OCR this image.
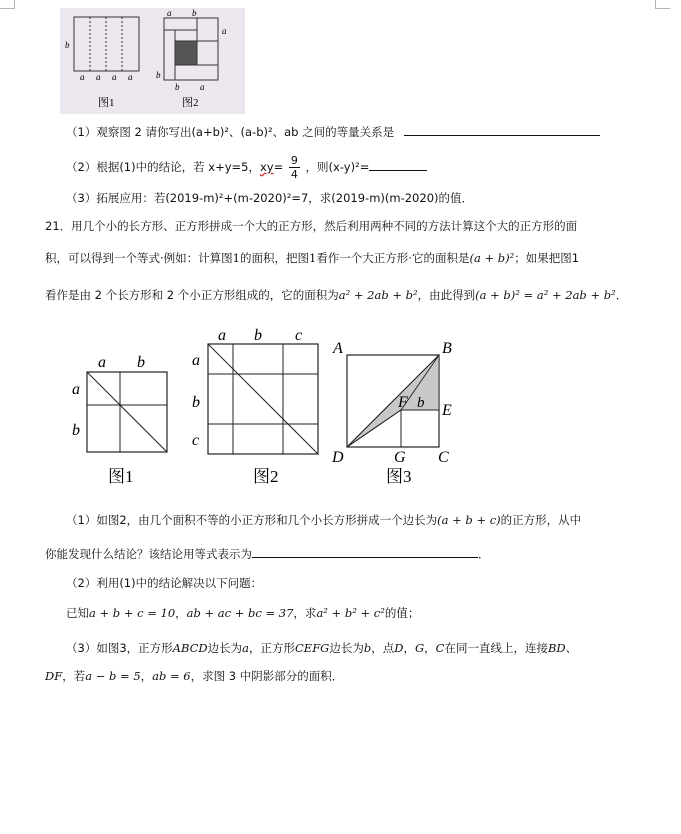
b
a a a a
图1
a b
b
a
b a
图2
（1）观察图 2 请你写出(a+b)²、(a-b)²、ab 之间的等量关系是
（2）根据(1)中的结论，若 x+y=5，$xy= \frac{9}{4}$ ，则(x-y)²=
（3）拓展应用：若(2019-m)²+(m-2020)²=7，求(2019-m)(m-2020)的值．
21．用几个小的长方形、正方形拼成一个大的正方形，然后利用两种不同的方法计算这个大的正方形的面
积，可以得到一个等式·例如：计算图1的面积，把图1看作一个大正方形·它的面积是(a + b)²；如果把图1
看作是由 2 个长方形和 2 个小正方形组成的，它的面积为a² + 2ab + b²，由此得到(a + b)² = a² + 2ab + b²．
a b
a
b
图1
a b c
a
b
c
图2
A	B
C
D
E
F
G
b
图3
（1）如图2，由几个面积不等的小正方形和几个小长方形拼成一个边长为(a + b + c)的正方形，从中
你能发现什么结论？该结论用等式表示为	．
（2）利用(1)中的结论解决以下问题：
已知a + b + c = 10，ab + ac + bc = 37，求a² + b² + c²的值；
（3）如图3，正方形ABCD边长为a，正方形CEFG边长为b，点D，G，C在同一直线上，连接BD、
DF，若a − b = 5，ab = 6，求图 3 中阴影部分的面积．
